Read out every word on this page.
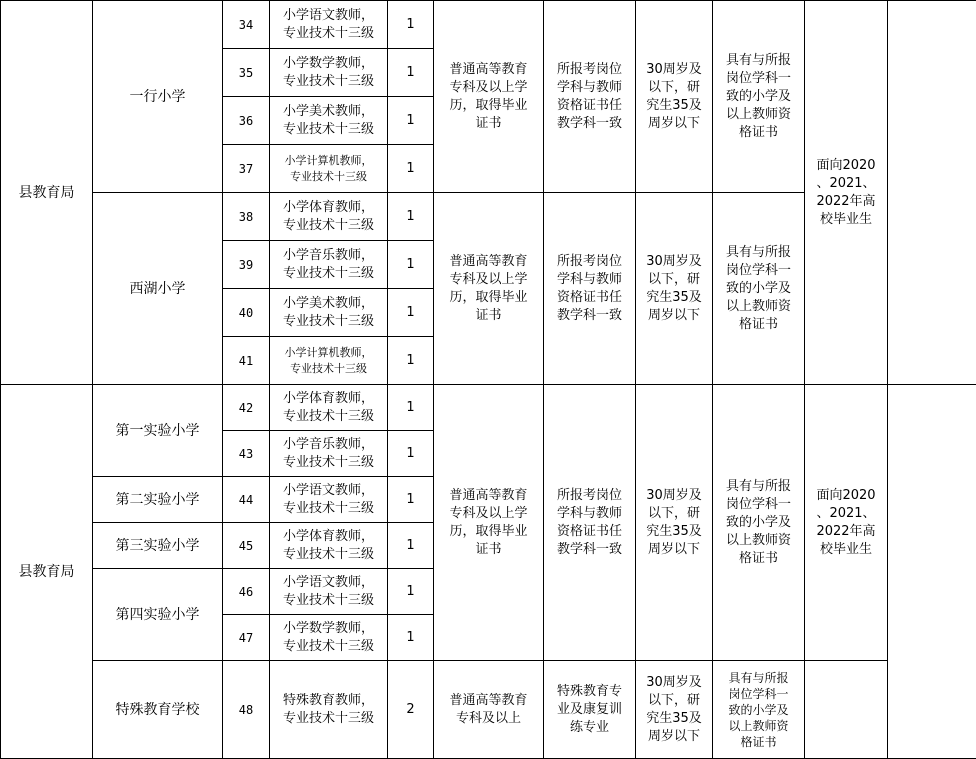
县教育局	一行小学	34	小学语文教师，
专业技术十三级	1	普通高等教育
专科及以上学
历，取得毕业
证书	所报考岗位
学科与教师
资格证书任
教学科一致	30周岁及
以下，研
究生35及
周岁以下	具有与所报
岗位学科一
致的小学及
以上教师资
格证书	面向2020
、2021、
2022年高
校毕业生	
		35	小学数学教师，
专业技术十三级	1						
		36	小学美术教师，
专业技术十三级	1						
		37	小学计算机教师，
专业技术十三级	1						
	西湖小学	38	小学体育教师，
专业技术十三级	1	普通高等教育
专科及以上学
历，取得毕业
证书	所报考岗位
学科与教师
资格证书任
教学科一致	30周岁及
以下，研
究生35及
周岁以下	具有与所报
岗位学科一
致的小学及
以上教师资
格证书		
		39	小学音乐教师，
专业技术十三级	1						
		40	小学美术教师，
专业技术十三级	1						
		41	小学计算机教师，
专业技术十三级	1						
县教育局	第一实验小学	42	小学体育教师，
专业技术十三级	1	普通高等教育
专科及以上学
历，取得毕业
证书	所报考岗位
学科与教师
资格证书任
教学科一致	30周岁及
以下，研
究生35及
周岁以下	具有与所报
岗位学科一
致的小学及
以上教师资
格证书	面向2020
、2021、
2022年高
校毕业生	
		43	小学音乐教师，
专业技术十三级	1						
	第二实验小学	44	小学语文教师，
专业技术十三级	1						
	第三实验小学	45	小学体育教师，
专业技术十三级	1						
	第四实验小学	46	小学语文教师，
专业技术十三级	1						
		47	小学数学教师，
专业技术十三级	1						
	特殊教育学校	48	特殊教育教师，
专业技术十三级	2	普通高等教育
专科及以上	特殊教育专
业及康复训
练专业	30周岁及
以下，研
究生35及
周岁以下	具有与所报
岗位学科一
致的小学及
以上教师资
格证书		
